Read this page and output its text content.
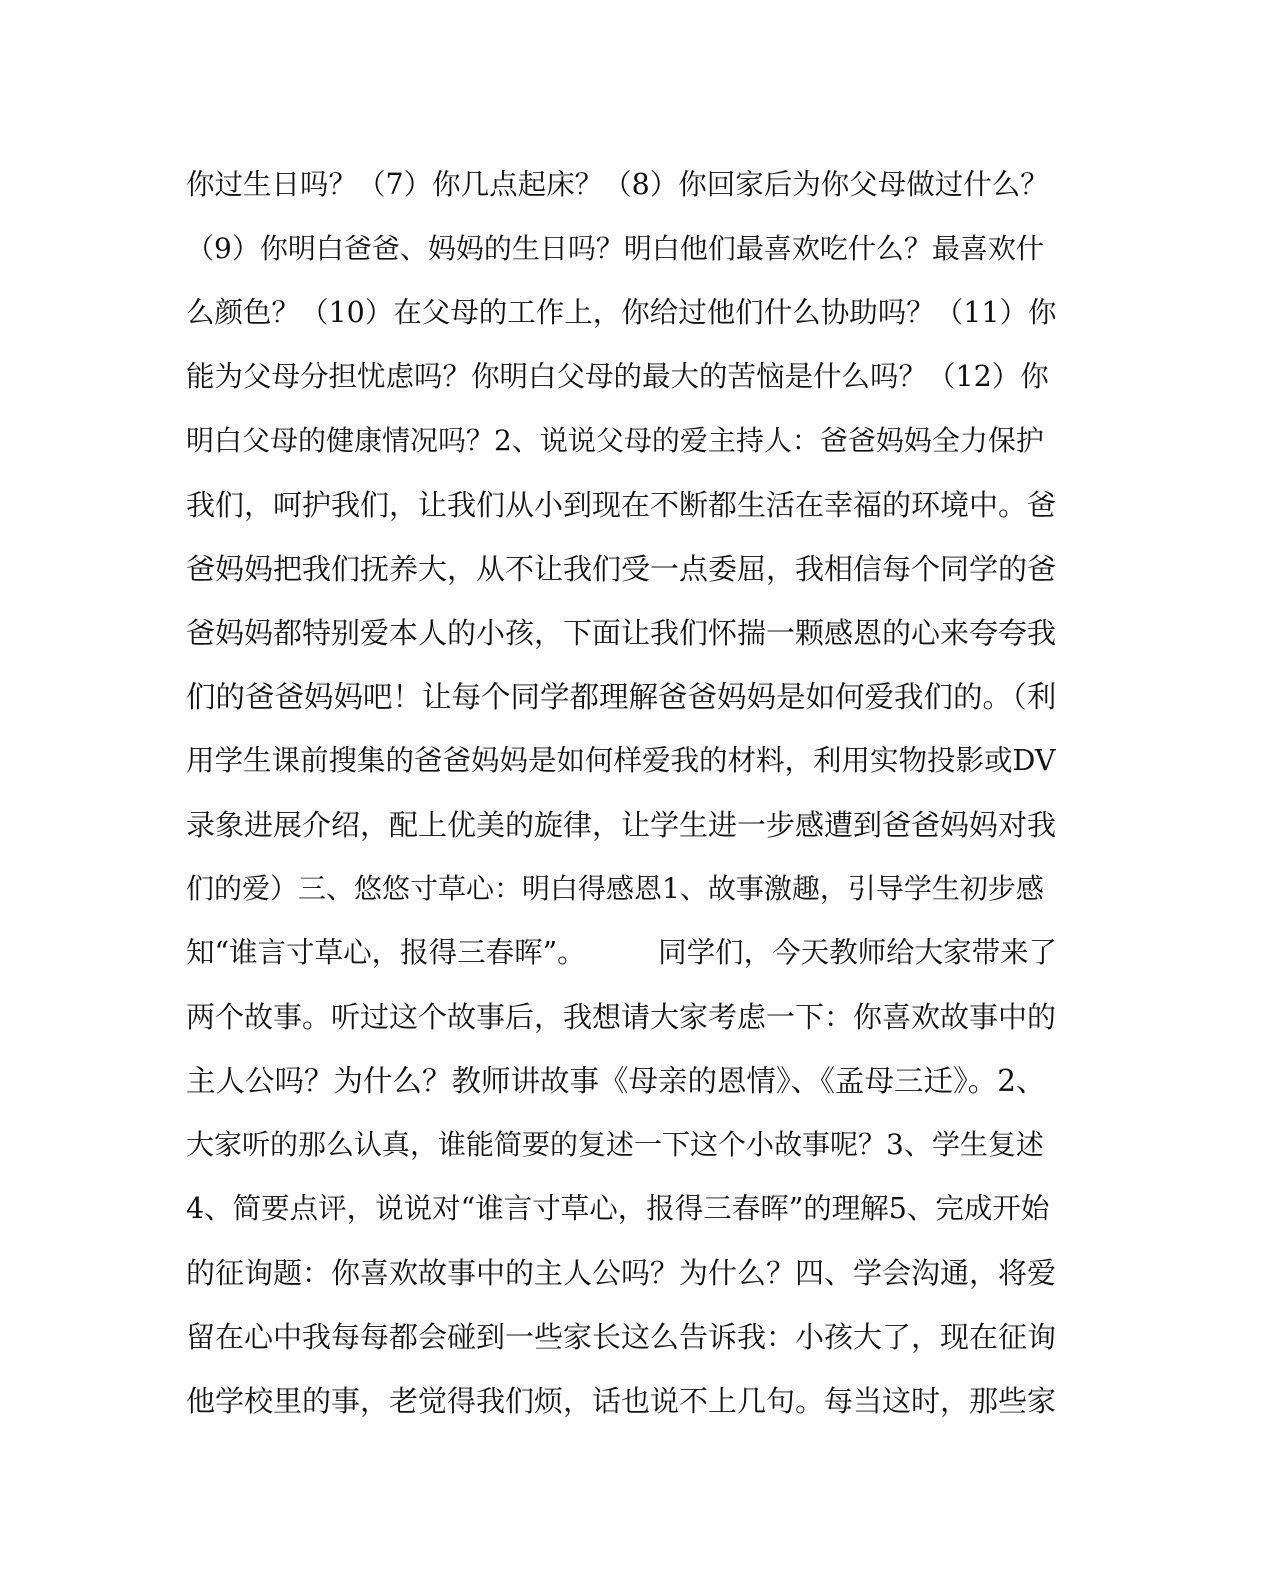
你过生日吗？（7）你几点起床？（8）你回家后为你父母做过什么？
（9）你明白爸爸、妈妈的生日吗？明白他们最喜欢吃什么？最喜欢什
么颜色？（10）在父母的工作上，你给过他们什么协助吗？（11）你
能为父母分担忧虑吗？你明白父母的最大的苦恼是什么吗？（12）你
明白父母的健康情况吗？2、说说父母的爱主持人：爸爸妈妈全力保护
我们，呵护我们，让我们从小到现在不断都生活在幸福的环境中。爸
爸妈妈把我们抚养大，从不让我们受一点委屈，我相信每个同学的爸
爸妈妈都特别爱本人的小孩，下面让我们怀揣一颗感恩的心来夸夸我
们的爸爸妈妈吧！让每个同学都理解爸爸妈妈是如何爱我们的。（利
用学生课前搜集的爸爸妈妈是如何样爱我的材料，利用实物投影或DV
录象进展介绍，配上优美的旋律，让学生进一步感遭到爸爸妈妈对我
们的爱）三、悠悠寸草心：明白得感恩1、故事激趣，引导学生初步感
知“谁言寸草心，报得三春晖”。        同学们，今天教师给大家带来了
两个故事。听过这个故事后，我想请大家考虑一下：你喜欢故事中的
主人公吗？为什么？教师讲故事《母亲的恩情》、《孟母三迁》。2、
大家听的那么认真，谁能简要的复述一下这个小故事呢？3、学生复述
4、简要点评，说说对“谁言寸草心，报得三春晖”的理解5、完成开始
的征询题：你喜欢故事中的主人公吗？为什么？四、学会沟通，将爱
留在心中我每每都会碰到一些家长这么告诉我：小孩大了，现在征询
他学校里的事，老觉得我们烦，话也说不上几句。每当这时，那些家
